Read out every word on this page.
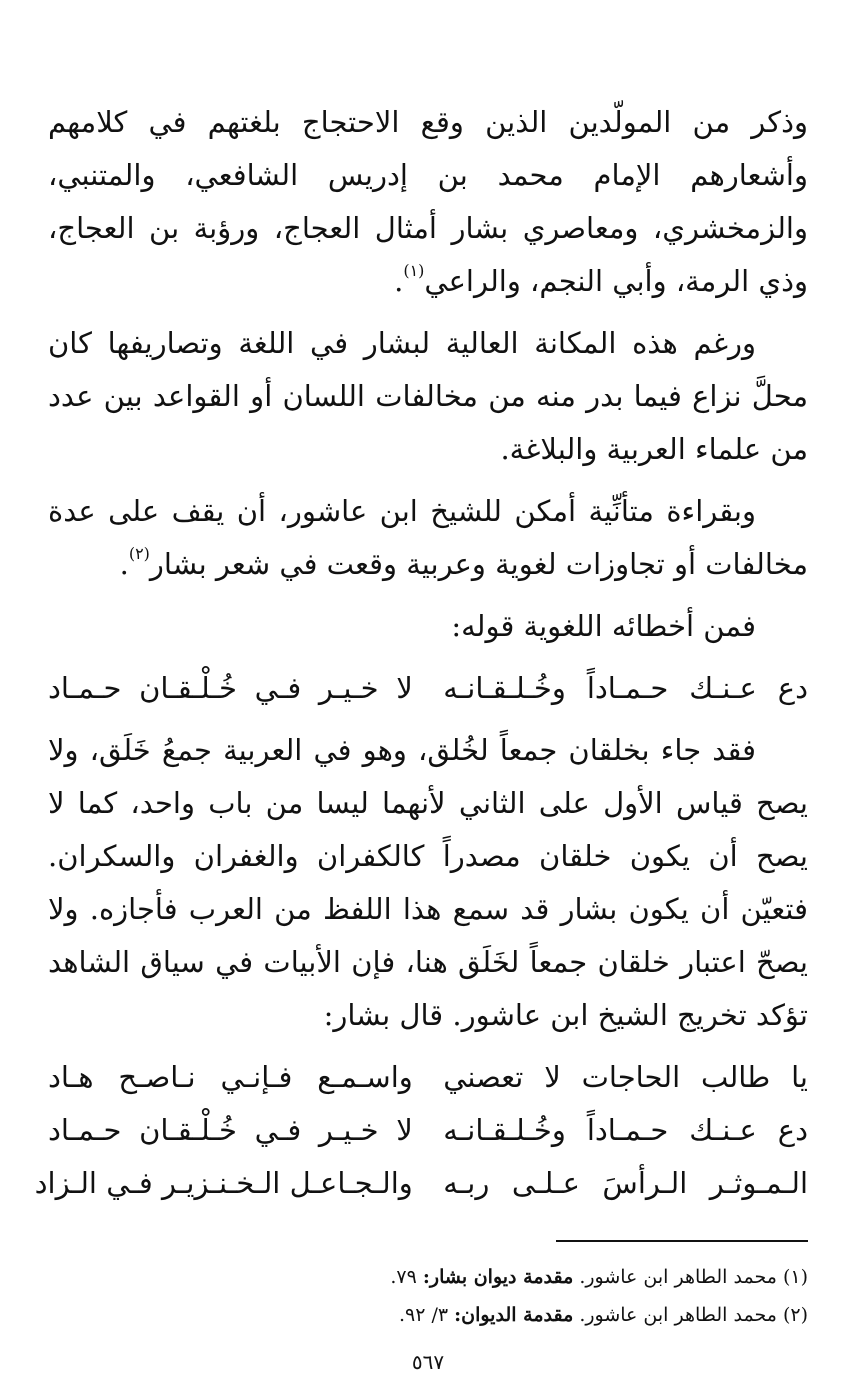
وذكر من المولّدين الذين وقع الاحتجاج بلغتهم في كلامهم وأشعارهم الإمام محمد بن إدريس الشافعي، والمتنبي، والزمخشري، ومعاصري بشار أمثال العجاج، ورؤبة بن العجاج، وذي الرمة، وأبي النجم، والراعي$^{(١)}$.

ورغم هذه المكانة العالية لبشار في اللغة وتصاريفها كان محلَّ نزاع فيما بدر منه من مخالفات اللسان أو القواعد بين عدد من علماء العربية والبلاغة.

وبقراءة متأنِّية أمكن للشيخ ابن عاشور، أن يقف على عدة مخالفات أو تجاوزات لغوية وعربية وقعت في شعر بشار$^{(٢)}$.

فمن أخطائه اللغوية قوله:

دع عـنـك حـمـاداً وخُـلـقـانـه
لا خـيـر فـي خُـلْـقـان حـمـاد

فقد جاء بخلقان جمعاً لخُلق، وهو في العربية جمعُ خَلَق، ولا يصح قياس الأول على الثاني لأنهما ليسا من باب واحد، كما لا يصح أن يكون خلقان مصدراً كالكفران والغفران والسكران. فتعيّن أن يكون بشار قد سمع هذا اللفظ من العرب فأجازه. ولا يصحّ اعتبار خلقان جمعاً لخَلَق هنا، فإن الأبيات في سياق الشاهد تؤكد تخريج الشيخ ابن عاشور. قال بشار:

يا طالب الحاجات لا تعصني
واسـمـع فـإنـي نـاصـح هـاد
دع عـنـك حـمـاداً وخُـلـقـانـه
لا خـيـر فـي خُـلْـقـان حـمـاد
الـمـوثـر الـرأسَ عـلـى ربـه
والـجـاعـل الـخـنـزيـر فـي الـزاد

(١) محمد الطاهر ابن عاشور. مقدمة ديوان بشار: ٧٩.

(٢) محمد الطاهر ابن عاشور. مقدمة الديوان: ٣/ ٩٢.

٥٦٧
